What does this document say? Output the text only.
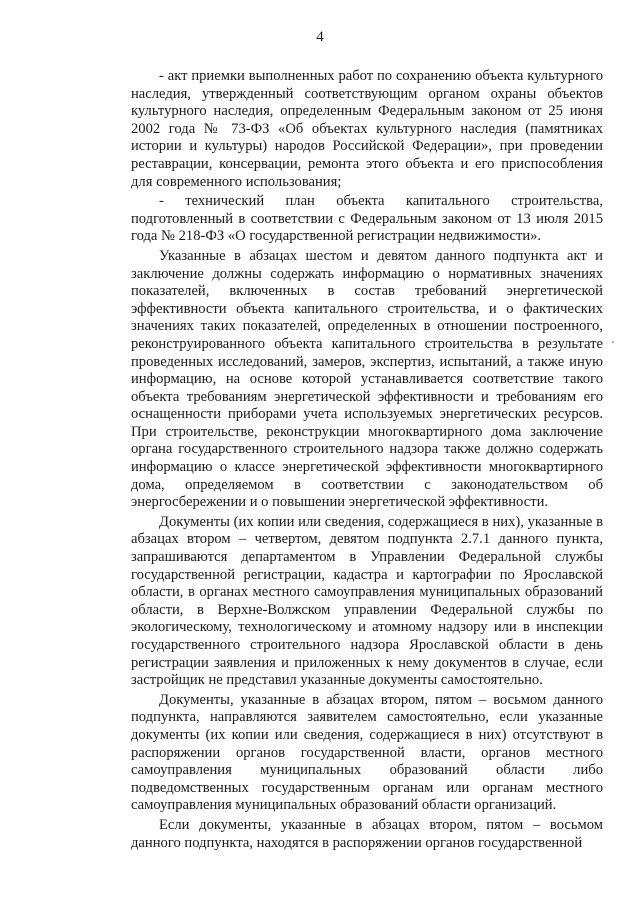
4

- акт приемки выполненных работ по сохранению объекта культурного наследия, утвержденный соответствующим органом охраны объектов культурного наследия, определенным Федеральным законом от 25 июня 2002 года № 73-ФЗ «Об объектах культурного наследия (памятниках истории и культуры) народов Российской Федерации», при проведении реставрации, консервации, ремонта этого объекта и его приспособления для современного использования;

- технический план объекта капитального строительства, подготовленный в соответствии с Федеральным законом от 13 июля 2015 года № 218-ФЗ «О государственной регистрации недвижимости».

Указанные в абзацах шестом и девятом данного подпункта акт и заключение должны содержать информацию о нормативных значениях показателей, включенных в состав требований энергетической эффективности объекта капитального строительства, и о фактических значениях таких показателей, определенных в отношении построенного, реконструированного объекта капитального строительства в результате проведенных исследований, замеров, экспертиз, испытаний, а также иную информацию, на основе которой устанавливается соответствие такого объекта требованиям энергетической эффективности и требованиям его оснащенности приборами учета используемых энергетических ресурсов. При строительстве, реконструкции многоквартирного дома заключение органа государственного строительного надзора также должно содержать информацию о классе энергетической эффективности многоквартирного дома, определяемом в соответствии с законодательством об энергосбережении и о повышении энергетической эффективности.

Документы (их копии или сведения, содержащиеся в них), указанные в абзацах втором – четвертом, девятом подпункта 2.7.1 данного пункта, запрашиваются департаментом в Управлении Федеральной службы государственной регистрации, кадастра и картографии по Ярославской области, в органах местного самоуправления муниципальных образований области, в Верхне-Волжском управлении Федеральной службы по экологическому, технологическому и атомному надзору или в инспекции государственного строительного надзора Ярославской области в день регистрации заявления и приложенных к нему документов в случае, если застройщик не представил указанные документы самостоятельно.

Документы, указанные в абзацах втором, пятом – восьмом данного подпункта, направляются заявителем самостоятельно, если указанные документы (их копии или сведения, содержащиеся в них) отсутствуют в распоряжении органов государственной власти, органов местного самоуправления муниципальных образований области либо подведомственных государственным органам или органам местного самоуправления муниципальных образований области организаций.

Если документы, указанные в абзацах втором, пятом – восьмом данного подпункта, находятся в распоряжении органов государственной
